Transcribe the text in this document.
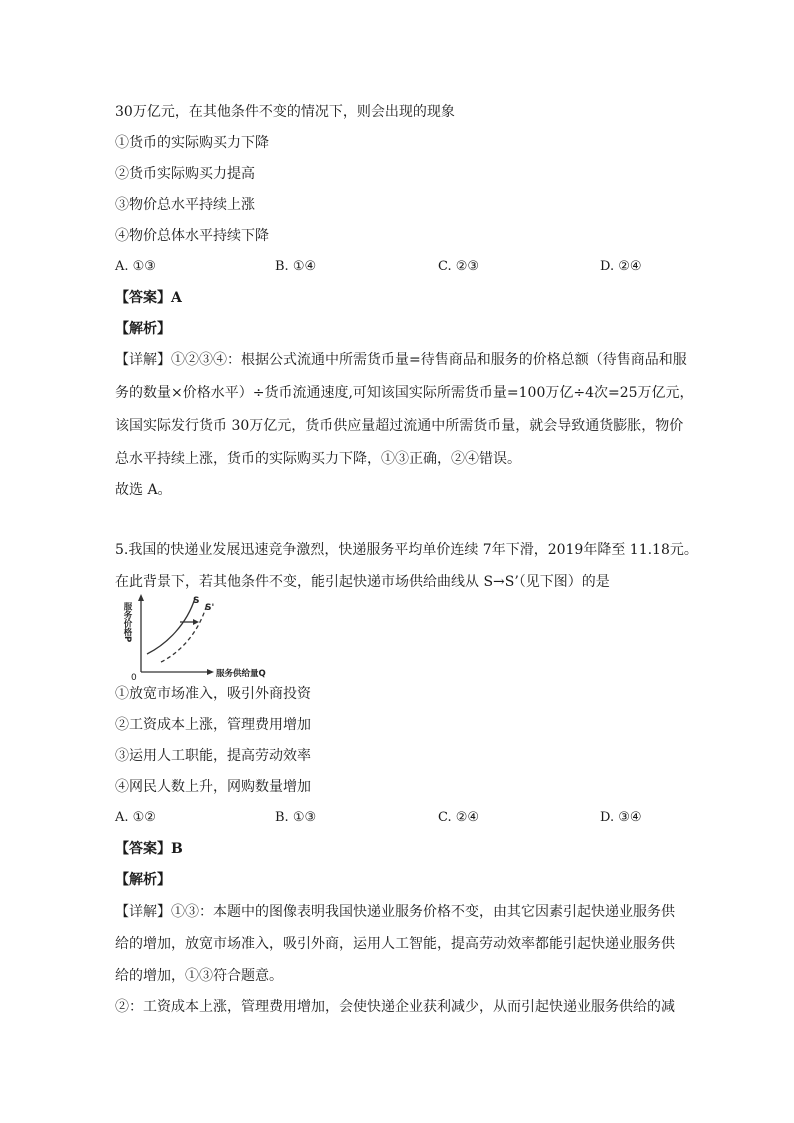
30万亿元，在其他条件不变的情况下，则会出现的现象
①货币的实际购买力下降
②货币实际购买力提高
③物价总水平持续上涨
④物价总体水平持续下降
A. ①③	B. ①④	C. ②③	D. ②④
【答案】A
【解析】
【详解】①②③④：根据公式流通中所需货币量=待售商品和服务的价格总额（待售商品和服
务的数量×价格水平）÷货币流通速度,可知该国实际所需货币量=100万亿÷4次=25万亿元，
该国实际发行货币 30万亿元，货币供应量超过流通中所需货币量，就会导致通货膨胀，物价
总水平持续上涨，货币的实际购买力下降，①③正确，②④错误。
故选 A。
5.我国的快递业发展迅速竞争激烈，快递服务平均单价连续 7年下滑，2019年降至 11.18元。
在此背景下，若其他条件不变，能引起快递市场供给曲线从 S→S’（见下图）的是
S
S'
0	服务供给量Q
服务价格P
①放宽市场准入，吸引外商投资
②工资成本上涨，管理费用增加
③运用人工职能，提高劳动效率
④网民人数上升，网购数量增加
A. ①②	B. ①③	C. ②④	D. ③④
【答案】B
【解析】
【详解】①③：本题中的图像表明我国快递业服务价格不变，由其它因素引起快递业服务供
给的增加，放宽市场准入，吸引外商，运用人工智能，提高劳动效率都能引起快递业服务供
给的增加，①③符合题意。
②：工资成本上涨，管理费用增加，会使快递企业获利减少，从而引起快递业服务供给的减
